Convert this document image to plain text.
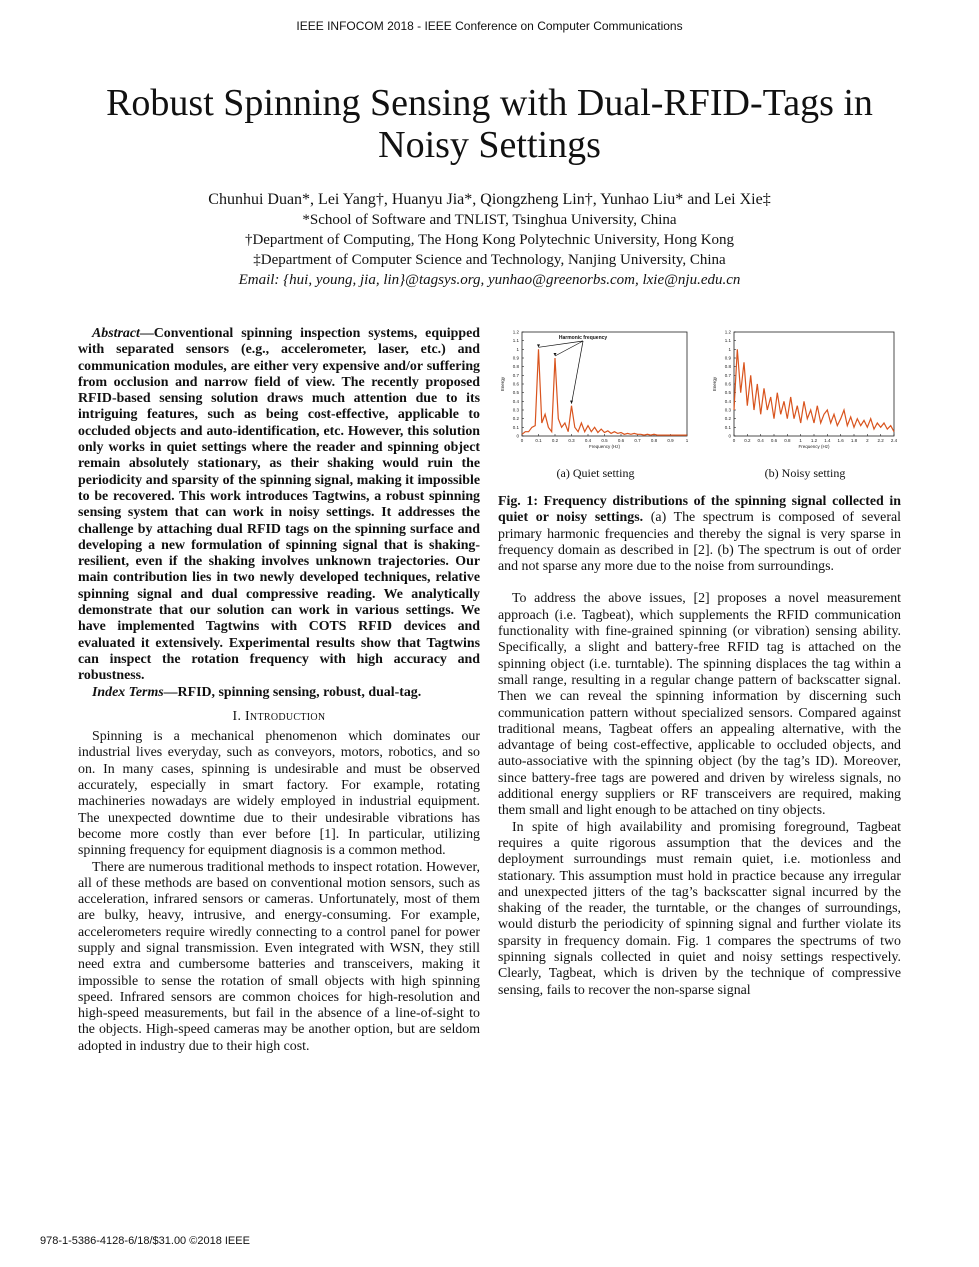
IEEE INFOCOM 2018 - IEEE Conference on Computer Communications
Robust Spinning Sensing with Dual-RFID-Tags in Noisy Settings
Chunhui Duan*, Lei Yang†, Huanyu Jia*, Qiongzheng Lin†, Yunhao Liu* and Lei Xie‡
*School of Software and TNLIST, Tsinghua University, China
†Department of Computing, The Hong Kong Polytechnic University, Hong Kong
‡Department of Computer Science and Technology, Nanjing University, China
Email: {hui, young, jia, lin}@tagsys.org, yunhao@greenorbs.com, lxie@nju.edu.cn

Abstract—Conventional spinning inspection systems, equipped with separated sensors (e.g., accelerometer, laser, etc.) and communication modules, are either very expensive and/or suffering from occlusion and narrow field of view. The recently proposed RFID-based sensing solution draws much attention due to its intriguing features, such as being cost-effective, applicable to occluded objects and auto-identification, etc. However, this solution only works in quiet settings where the reader and spinning object remain absolutely stationary, as their shaking would ruin the periodicity and sparsity of the spinning signal, making it impossible to be recovered. This work introduces Tagtwins, a robust spinning sensing system that can work in noisy settings. It addresses the challenge by attaching dual RFID tags on the spinning surface and developing a new formulation of spinning signal that is shaking-resilient, even if the shaking involves unknown trajectories. Our main contribution lies in two newly developed techniques, relative spinning signal and dual compressive reading. We analytically demonstrate that our solution can work in various settings. We have implemented Tagtwins with COTS RFID devices and evaluated it extensively. Experimental results show that Tagtwins can inspect the rotation frequency with high accuracy and robustness.

Index Terms—RFID, spinning sensing, robust, dual-tag.

I. Introduction

Spinning is a mechanical phenomenon which dominates our industrial lives everyday, such as conveyors, motors, robotics, and so on. In many cases, spinning is undesirable and must be observed accurately, especially in smart factory. For example, rotating machineries nowadays are widely employed in industrial equipment. The unexpected downtime due to their undesirable vibrations has become more costly than ever before [1]. In particular, utilizing spinning frequency for equipment diagnosis is a common method.

There are numerous traditional methods to inspect rotation. However, all of these methods are based on conventional motion sensors, such as acceleration, infrared sensors or cameras. Unfortunately, most of them are bulky, heavy, intrusive, and energy-consuming. For example, accelerometers require wiredly connecting to a control panel for power supply and signal transmission. Even integrated with WSN, they still need extra and cumbersome batteries and transceivers, making it impossible to sense the rotation of small objects with high spinning speed. Infrared sensors are common choices for high-resolution and high-speed measurements, but fail in the absence of a line-of-sight to the objects. High-speed cameras may be another option, but are seldom adopted in industry due to their high cost.

0
0.1
0.2
0.3
0.4
0.5
0.6
0.7
0.8
0.9
1
1.1
1.2
0	0.1 0.2 0.3 0.4 0.5 0.6 0.7 0.8 0.9	1
Frequency (Hz)
Energy
Harmonic frequency
(a) Quiet setting
0
0.1
0.2
0.3
0.4
0.5
0.6
0.7
0.8
0.9
1
1.1
1.2
0 0.2 0.4 0.6 0.8 1 1.2 1.4 1.6 1.8 2 2.2 2.4
Frequency (Hz)
Energy
(b) Noisy setting

Fig. 1: Frequency distributions of the spinning signal collected in quiet or noisy settings. (a) The spectrum is composed of several primary harmonic frequencies and thereby the signal is very sparse in frequency domain as described in [2]. (b) The spectrum is out of order and not sparse any more due to the noise from surroundings.

To address the above issues, [2] proposes a novel measurement approach (i.e. Tagbeat), which supplements the RFID communication functionality with fine-grained spinning (or vibration) sensing ability. Specifically, a slight and battery-free RFID tag is attached on the spinning object (i.e. turntable). The spinning displaces the tag within a small range, resulting in a regular change pattern of backscatter signal. Then we can reveal the spinning information by discerning such communication pattern without specialized sensors. Compared against traditional means, Tagbeat offers an appealing alternative, with the advantage of being cost-effective, applicable to occluded objects, and auto-associative with the spinning object (by the tag’s ID). Moreover, since battery-free tags are powered and driven by wireless signals, no additional energy suppliers or RF transceivers are required, making them small and light enough to be attached on tiny objects.

In spite of high availability and promising foreground, Tagbeat requires a quite rigorous assumption that the devices and the deployment surroundings must remain quiet, i.e. motionless and stationary. This assumption must hold in practice because any irregular and unexpected jitters of the tag’s backscatter signal incurred by the shaking of the reader, the turntable, or the changes of surroundings, would disturb the periodicity of spinning signal and further violate its sparsity in frequency domain. Fig. 1 compares the spectrums of two spinning signals collected in quiet and noisy settings respectively. Clearly, Tagbeat, which is driven by the technique of compressive sensing, fails to recover the non-sparse signal

978-1-5386-4128-6/18/$31.00 ©2018 IEEE
